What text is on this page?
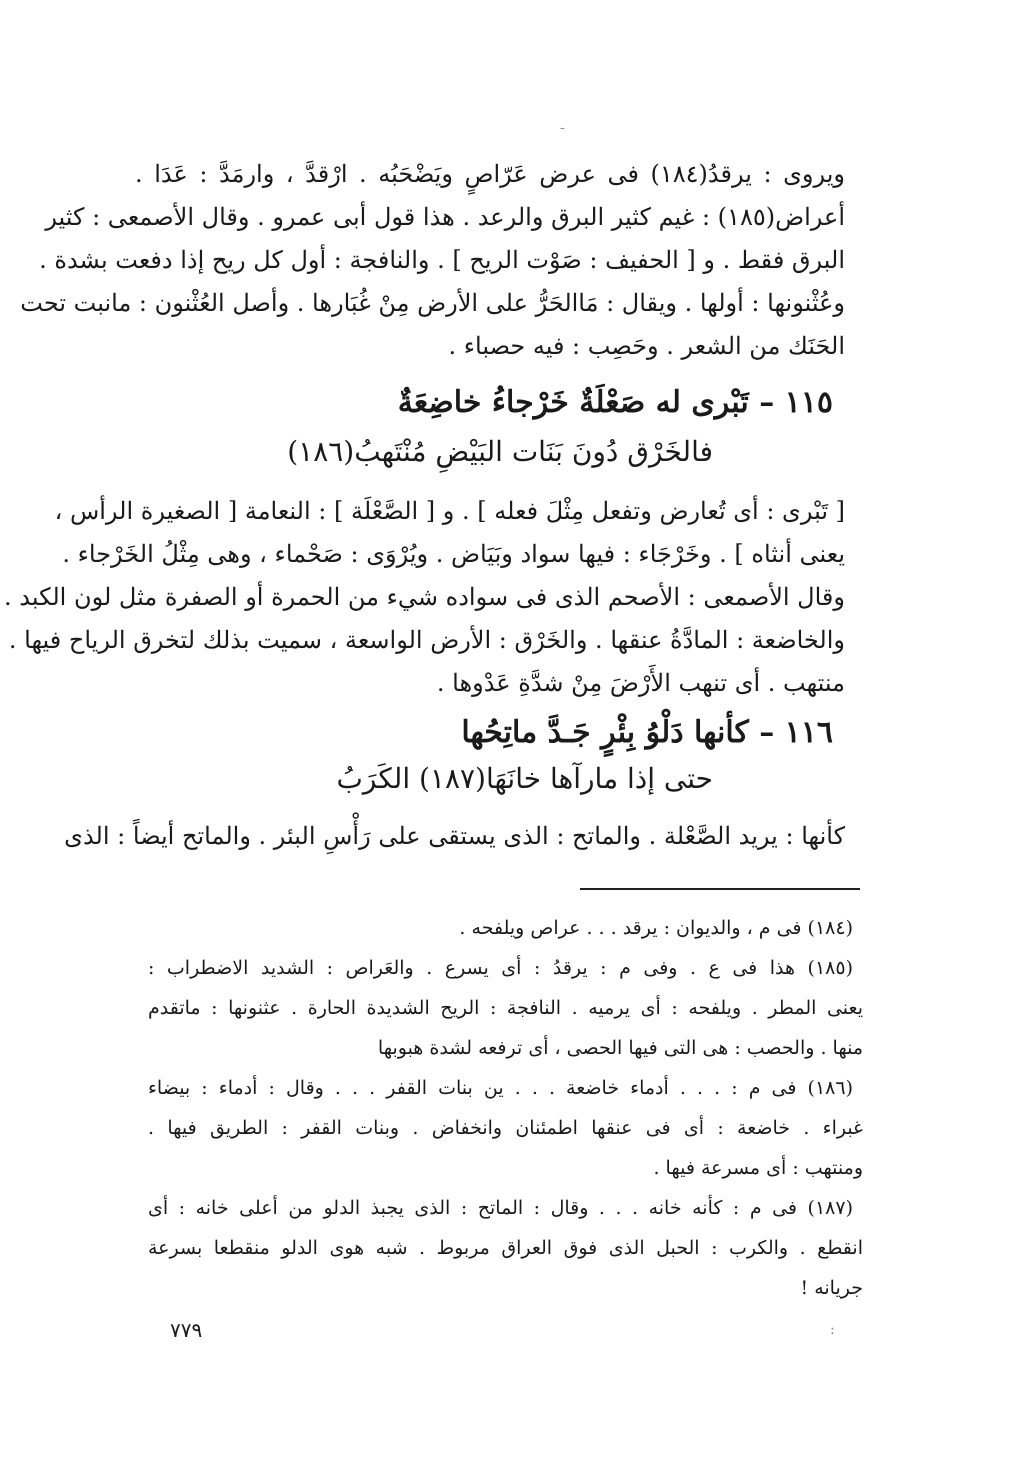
-
ويروى : يرقدُ(١٨٤) فى عرض عَرّاصٍ ويَضْحَبُه . ارْقدَّ ، وارمَدَّ : عَدَا .
أعراض(١٨٥) : غيم كثير البرق والرعد . هذا قول أبى عمرو . وقال الأصمعى : كثير
البرق فقط . و [ الحفيف : صَوْت الريح ] . والنافجة : أول كل ريح إذا دفعت بشدة .
وعُثْنونها : أولها . ويقال : مَاالحَرُّ على الأرض مِنْ غُبَارها . وأصل العُثْنون : مانبت تحت
الحَنَك من الشعر . وحَصِب : فيه حصباء .
١١٥ – تَبْرى له صَعْلَةٌ خَرْجاءُ خاضِعَةٌ
فالخَرْق دُونَ بَنَات البَيْضِ مُنْتَهبُ(١٨٦)
[ تَبْرى : أى تُعارض وتفعل مِثْلَ فعله ] . و [ الصَّعْلَة ] : النعامة [ الصغيرة الرأس ،
يعنى أنثاه ] . وخَرْجَاء : فيها سواد وبَيَاض . ويُرْوَى : صَحْماء ، وهى مِثْلُ الخَرْجاء .
وقال الأصمعى : الأصحم الذى فى سواده شيء من الحمرة أو الصفرة مثل لون الكبد .
والخاضعة : المادَّةُ عنقها . والخَرْق : الأرض الواسعة ، سميت بذلك لتخرق الرياح فيها .
منتهب . أى تنهب الأَرْضَ مِنْ شدَّةِ عَدْوها .
١١٦ – كأنها دَلْوُ بِئْرٍ جَـدَّ ماتِحُها
حتى إذا مارآها خانَهَا(١٨٧) الكَرَبُ
كأنها : يريد الصَّعْلة . والماتح : الذى يستقى على رَأْسِ البئر . والماتح أيضاً : الذى
(١٨٤) فى م ، والديوان : يرقد . . . عراص ويلفحه .
(١٨٥) هذا فى ع . وفى م : يرقدُ : أى يسرع . والعَراص : الشديد الاضطراب :
يعنى المطر . ويلفحه : أى يرميه . النافجة : الريح الشديدة الحارة . عثنونها : ماتقدم
منها . والحصب : هى التى فيها الحصى ، أى ترفعه لشدة هبوبها
(١٨٦) فى م : . . . أدماء خاضعة . . . ين بنات القفر . . . وقال : أدماء : بيضاء
غبراء . خاضعة : أى فى عنقها اطمئنان وانخفاض . وبنات القفر : الطريق فيها .
ومنتهب : أى مسرعة فيها .
(١٨٧) فى م : كأنه خانه . . . وقال : الماتح : الذى يجبذ الدلو من أعلى خانه : أى
انقطع . والكرب : الحبل الذى فوق العراق مربوط . شبه هوى الدلو منقطعا بسرعة
جريانه !
٧٧٩	:
